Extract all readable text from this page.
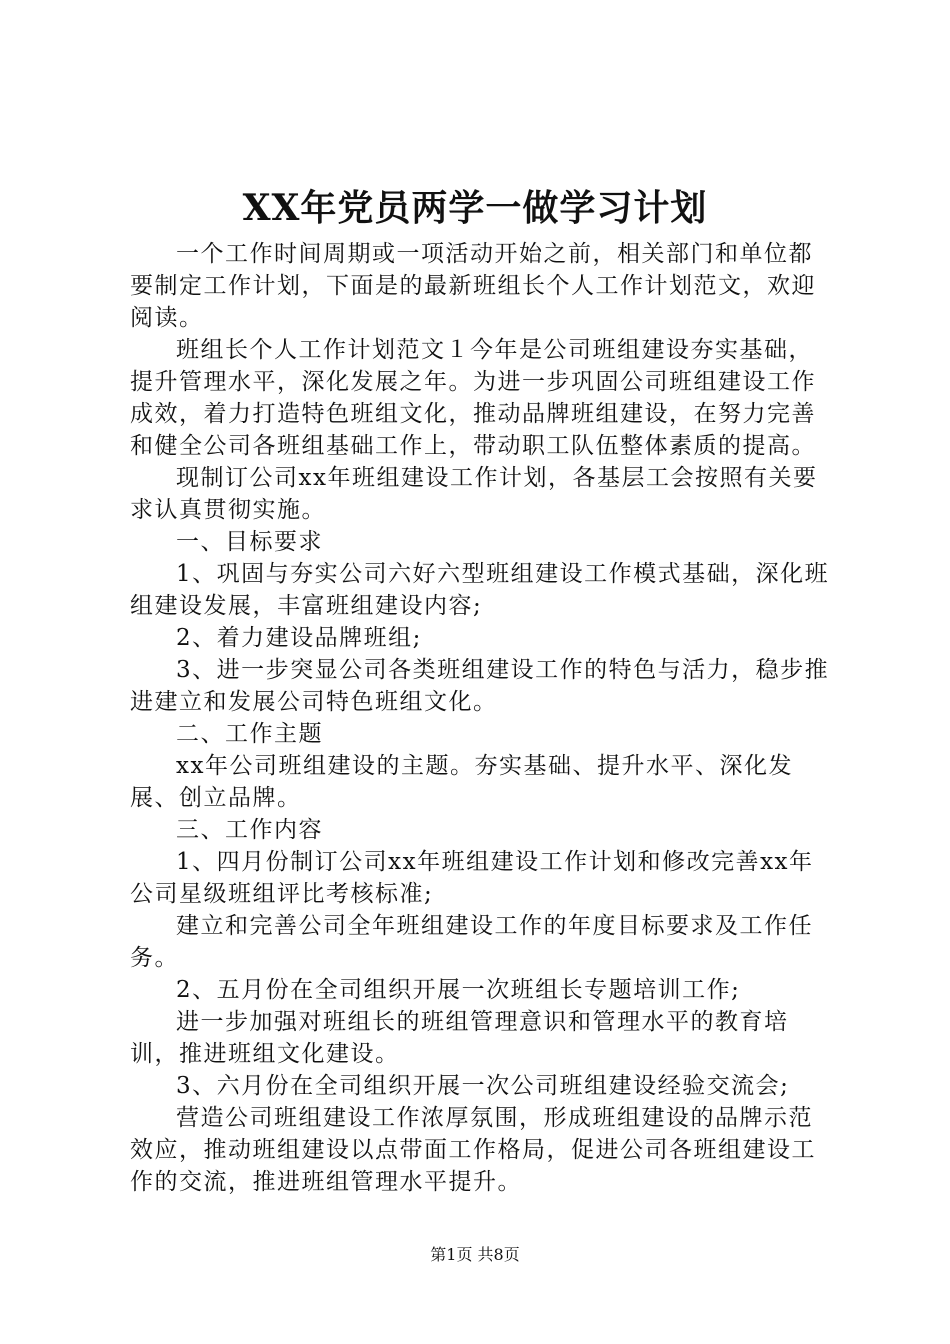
XX年党员两学一做学习计划

一个工作时间周期或一项活动开始之前，相关部门和单位都要制定工作计划，下面是的最新班组长个人工作计划范文，欢迎阅读。

班组长个人工作计划范文１今年是公司班组建设夯实基础，提升管理水平，深化发展之年。为进一步巩固公司班组建设工作成效，着力打造特色班组文化，推动品牌班组建设，在努力完善和健全公司各班组基础工作上，带动职工队伍整体素质的提高。

现制订公司xx年班组建设工作计划，各基层工会按照有关要求认真贯彻实施。

一、目标要求

1、巩固与夯实公司六好六型班组建设工作模式基础，深化班组建设发展，丰富班组建设内容;

2、着力建设品牌班组;

3、进一步突显公司各类班组建设工作的特色与活力，稳步推进建立和发展公司特色班组文化。

二、工作主题

xx年公司班组建设的主题。夯实基础、提升水平、深化发展、创立品牌。

三、工作内容

1、四月份制订公司xx年班组建设工作计划和修改完善xx年公司星级班组评比考核标准;

建立和完善公司全年班组建设工作的年度目标要求及工作任务。

2、五月份在全司组织开展一次班组长专题培训工作;

进一步加强对班组长的班组管理意识和管理水平的教育培训，推进班组文化建设。

3、六月份在全司组织开展一次公司班组建设经验交流会;

营造公司班组建设工作浓厚氛围，形成班组建设的品牌示范效应，推动班组建设以点带面工作格局，促进公司各班组建设工作的交流，推进班组管理水平提升。

第1页 共8页
